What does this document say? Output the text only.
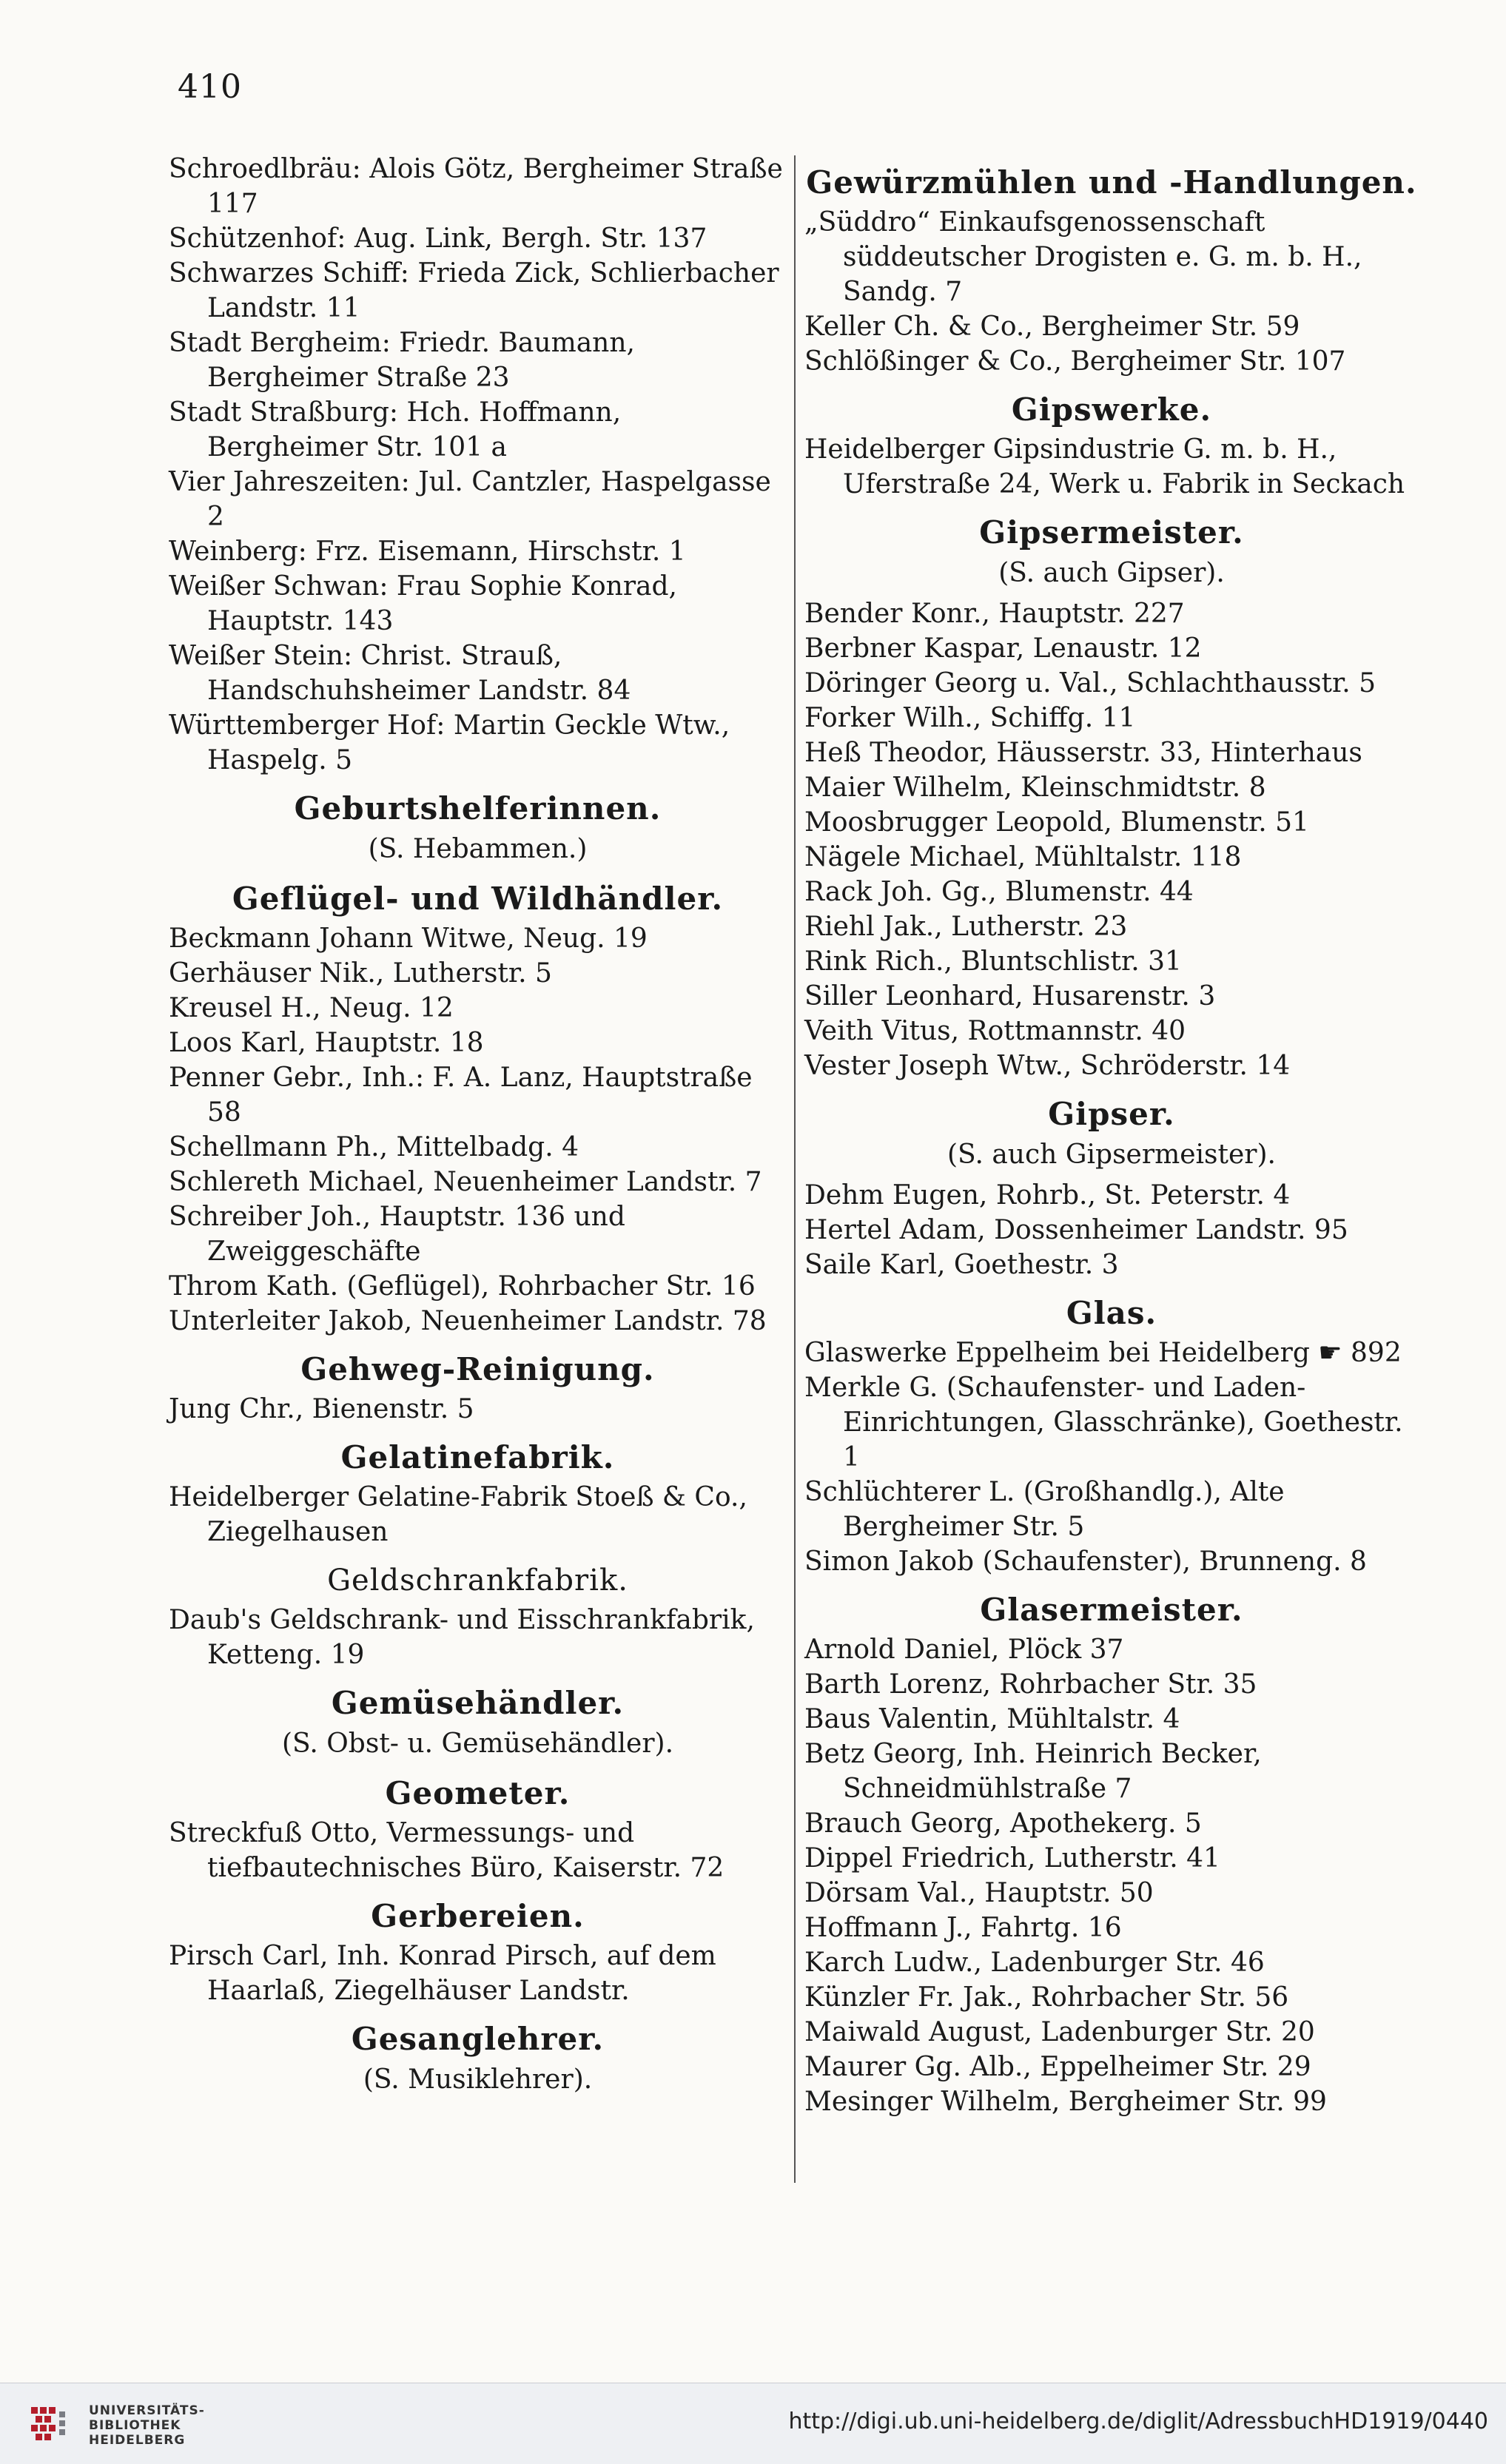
410
Schroedlbräu: Alois Götz, Bergheimer Straße 117
Schützenhof: Aug. Link, Bergh. Str. 137
Schwarzes Schiff: Frieda Zick, Schlierbacher Landstr. 11
Stadt Bergheim: Friedr. Baumann, Bergheimer Straße 23
Stadt Straßburg: Hch. Hoffmann, Bergheimer Str. 101 a
Vier Jahreszeiten: Jul. Cantzler, Haspelgasse 2
Weinberg: Frz. Eisemann, Hirschstr. 1
Weißer Schwan: Frau Sophie Konrad, Hauptstr. 143
Weißer Stein: Christ. Strauß, Handschuhsheimer Landstr. 84
Württemberger Hof: Martin Geckle Wtw., Haspelg. 5
Geburtshelferinnen.
(S. Hebammen.)
Geflügel- und Wildhändler.
Beckmann Johann Witwe, Neug. 19
Gerhäuser Nik., Lutherstr. 5
Kreusel H., Neug. 12
Loos Karl, Hauptstr. 18
Penner Gebr., Inh.: F. A. Lanz, Hauptstraße 58
Schellmann Ph., Mittelbadg. 4
Schlereth Michael, Neuenheimer Landstr. 7
Schreiber Joh., Hauptstr. 136 und Zweiggeschäfte
Throm Kath. (Geflügel), Rohrbacher Str. 16
Unterleiter Jakob, Neuenheimer Landstr. 78
Gehweg-Reinigung.
Jung Chr., Bienenstr. 5
Gelatinefabrik.
Heidelberger Gelatine-Fabrik Stoeß & Co., Ziegelhausen
Geldschrankfabrik.
Daub's Geldschrank- und Eisschrankfabrik, Ketteng. 19
Gemüsehändler.
(S. Obst- u. Gemüsehändler).
Geometer.
Streckfuß Otto, Vermessungs- und tiefbautechnisches Büro, Kaiserstr. 72
Gerbereien.
Pirsch Carl, Inh. Konrad Pirsch, auf dem Haarlaß, Ziegelhäuser Landstr.
Gesanglehrer.
(S. Musiklehrer).
Gewürzmühlen und -Handlungen.
„Süddro“ Einkaufsgenossenschaft süddeutscher Drogisten e. G. m. b. H., Sandg. 7
Keller Ch. & Co., Bergheimer Str. 59
Schlößinger & Co., Bergheimer Str. 107
Gipswerke.
Heidelberger Gipsindustrie G. m. b. H., Uferstraße 24, Werk u. Fabrik in Seckach
Gipsermeister.
(S. auch Gipser).
Bender Konr., Hauptstr. 227
Berbner Kaspar, Lenaustr. 12
Döringer Georg u. Val., Schlachthausstr. 5
Forker Wilh., Schiffg. 11
Heß Theodor, Häusserstr. 33, Hinterhaus
Maier Wilhelm, Kleinschmidtstr. 8
Moosbrugger Leopold, Blumenstr. 51
Nägele Michael, Mühltalstr. 118
Rack Joh. Gg., Blumenstr. 44
Riehl Jak., Lutherstr. 23
Rink Rich., Bluntschlistr. 31
Siller Leonhard, Husarenstr. 3
Veith Vitus, Rottmannstr. 40
Vester Joseph Wtw., Schröderstr. 14
Gipser.
(S. auch Gipsermeister).
Dehm Eugen, Rohrb., St. Peterstr. 4
Hertel Adam, Dossenheimer Landstr. 95
Saile Karl, Goethestr. 3
Glas.
Glaswerke Eppelheim bei Heidelberg ☛ 892
Merkle G. (Schaufenster- und Laden-Einrichtungen, Glasschränke), Goethestr. 1
Schlüchterer L. (Großhandlg.), Alte Bergheimer Str. 5
Simon Jakob (Schaufenster), Brunneng. 8
Glasermeister.
Arnold Daniel, Plöck 37
Barth Lorenz, Rohrbacher Str. 35
Baus Valentin, Mühltalstr. 4
Betz Georg, Inh. Heinrich Becker, Schneidmühlstraße 7
Brauch Georg, Apothekerg. 5
Dippel Friedrich, Lutherstr. 41
Dörsam Val., Hauptstr. 50
Hoffmann J., Fahrtg. 16
Karch Ludw., Ladenburger Str. 46
Künzler Fr. Jak., Rohrbacher Str. 56
Maiwald August, Ladenburger Str. 20
Maurer Gg. Alb., Eppelheimer Str. 29
Mesinger Wilhelm, Bergheimer Str. 99
UNIVERSITÄTS-
BIBLIOTHEK
HEIDELBERG
http://digi.ub.uni-heidelberg.de/diglit/AdressbuchHD1919/0440
